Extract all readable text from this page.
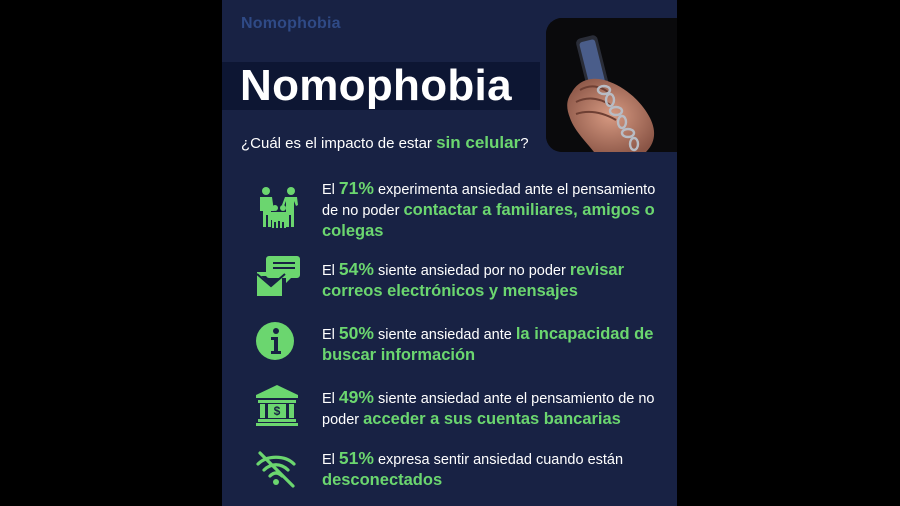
Nomophobia
Nomophobia
¿Cuál es el impacto de estar sin celular?
El 71% experimenta ansiedad ante el pensamiento de no poder contactar a familiares, amigos o colegas
El 54% siente ansiedad por no poder revisar correos electrónicos y mensajes
El 50% siente ansiedad ante la incapacidad de buscar información
$
El 49% siente ansiedad ante el pensamiento de no poder acceder a sus cuentas bancarias
El 51% expresa sentir ansiedad cuando están desconectados
